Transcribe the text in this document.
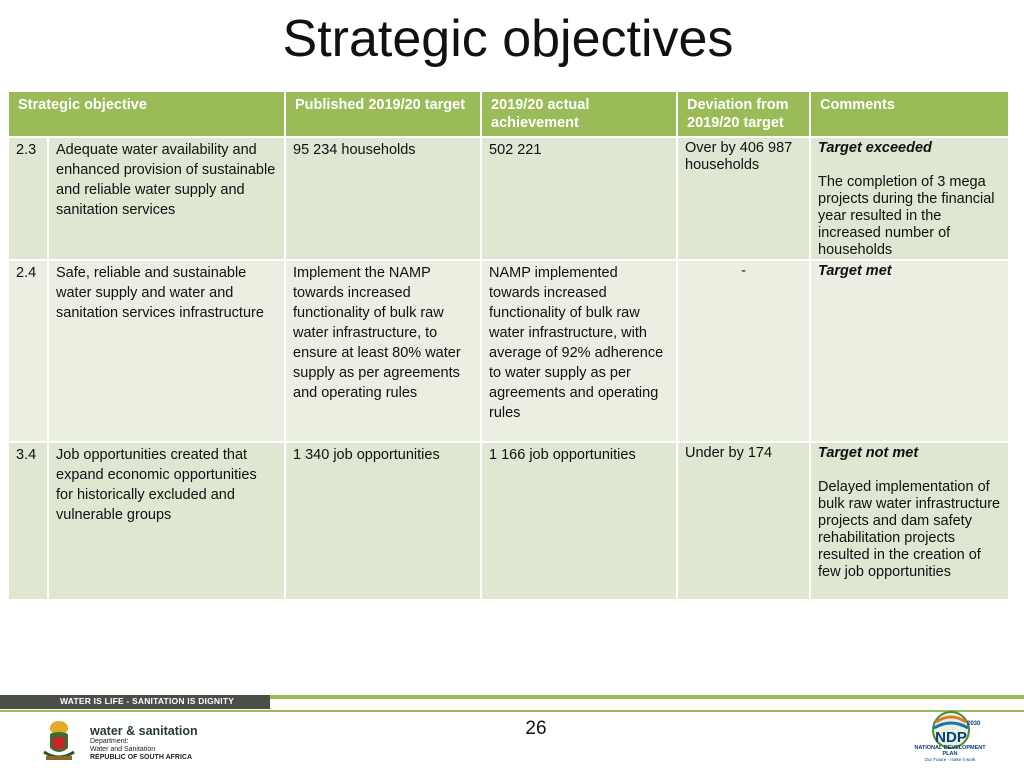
Strategic objectives
Strategic objective		Published 2019/20 target	2019/20 actual achievement	Deviation from 2019/20 target	Comments
2.3	Adequate water availability and enhanced provision of sustainable and reliable water supply and sanitation services	95 234 households	502 221	Over by 406 987 households	Target exceeded
The completion of 3 mega projects during the financial year resulted in the increased number of households

2.4	Safe, reliable and sustainable water supply and water and sanitation services infrastructure	Implement the NAMP towards increased functionality of bulk raw water infrastructure, to ensure at least 80% water supply as per agreements and operating rules	NAMP implemented towards increased functionality of bulk raw water infrastructure, with average of 92% adherence to water supply as per agreements and operating rules	-	Target met

3.4	Job opportunities created that expand economic opportunities for historically excluded and vulnerable groups	1 340 job opportunities	1 166 job opportunities	Under by 174	Target not met
Delayed implementation of bulk raw water infrastructure projects and dam safety rehabilitation projects resulted in the creation of few job opportunities
WATER IS LIFE - SANITATION IS DIGNITY
26
water & sanitation
Department:
Water and Sanitation
REPUBLIC OF SOUTH AFRICA
2030
NDP
NATIONAL DEVELOPMENT PLAN
Our Future - make it work
